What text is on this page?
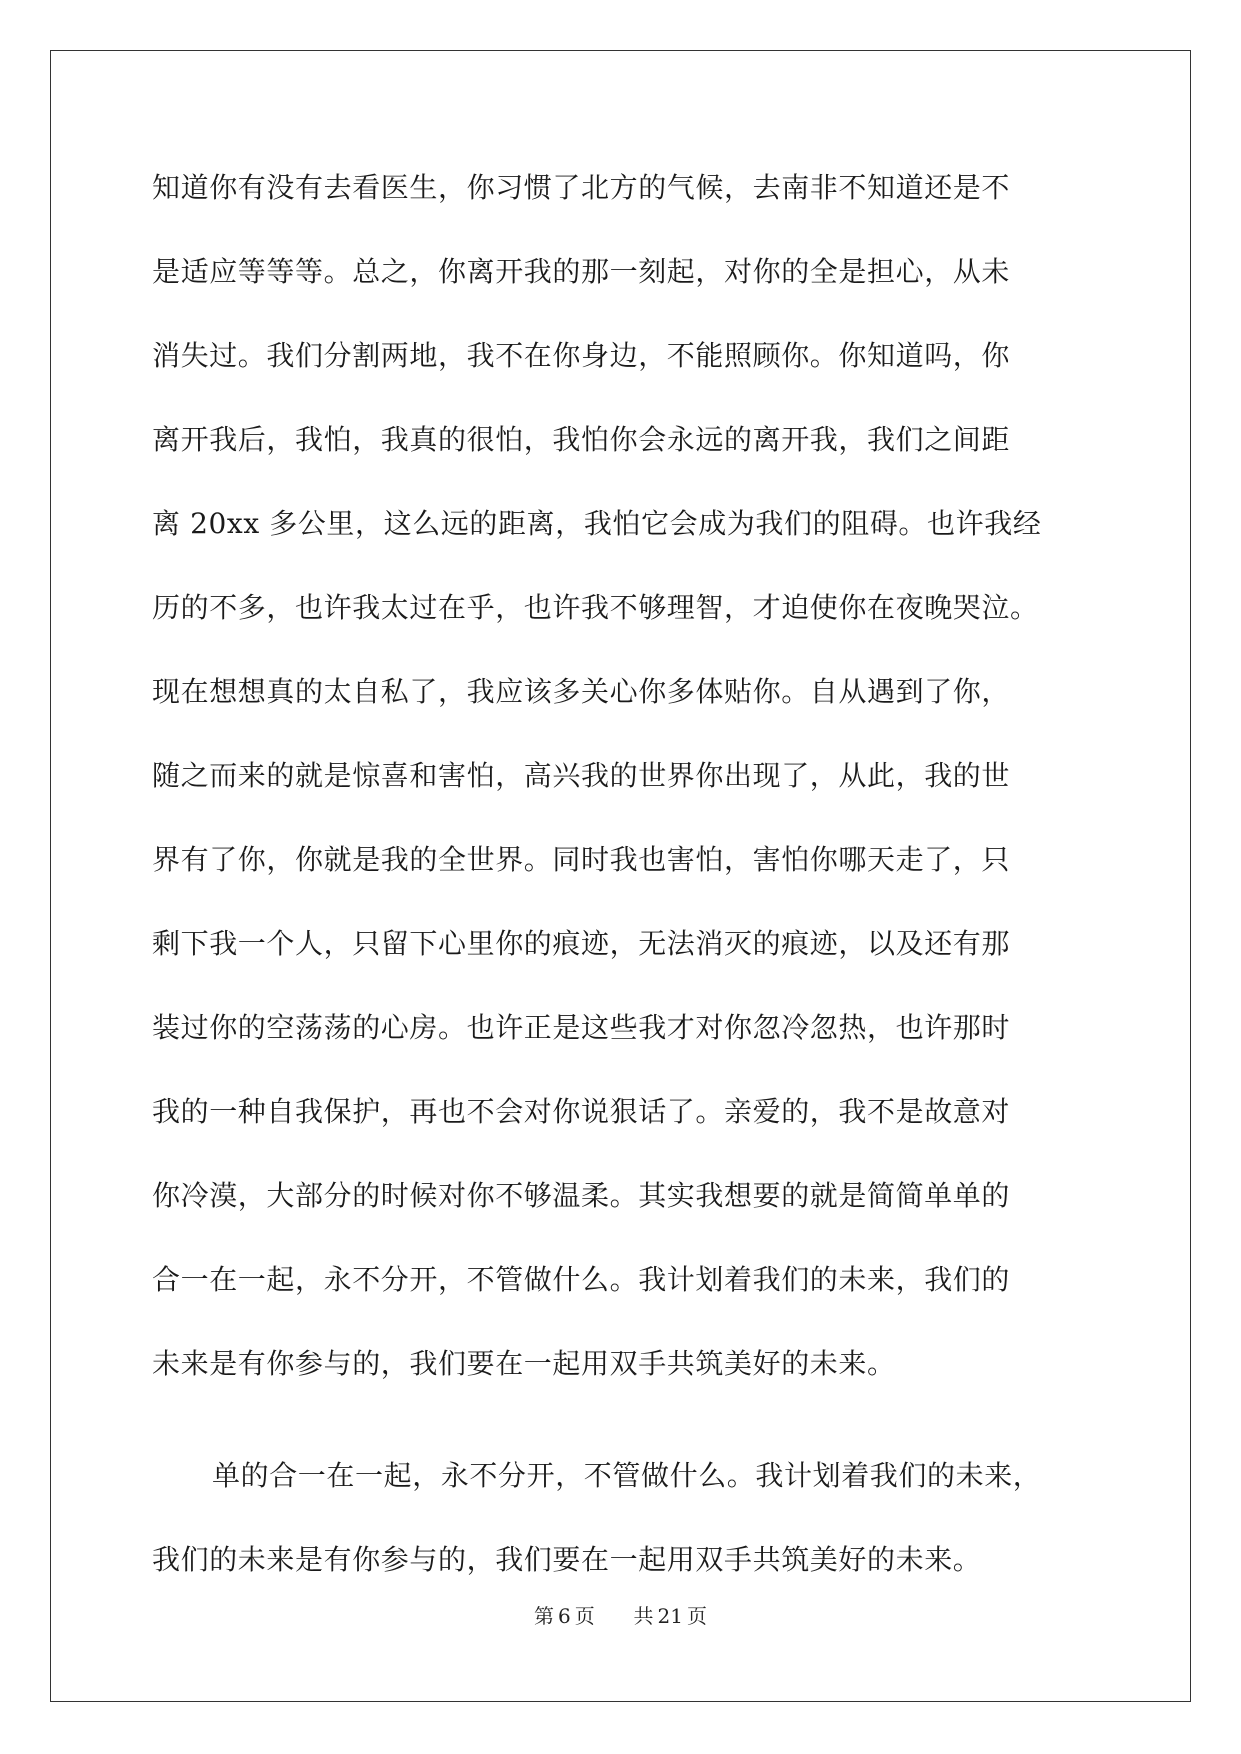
知道你有没有去看医生，你习惯了北方的气候，去南非不知道还是不

是适应等等等。总之，你离开我的那一刻起，对你的全是担心，从未

消失过。我们分割两地，我不在你身边，不能照顾你。你知道吗，你

离开我后，我怕，我真的很怕，我怕你会永远的离开我，我们之间距

离 20xx 多公里，这么远的距离，我怕它会成为我们的阻碍。也许我经

历的不多，也许我太过在乎，也许我不够理智，才迫使你在夜晚哭泣。

现在想想真的太自私了，我应该多关心你多体贴你。自从遇到了你，

随之而来的就是惊喜和害怕，高兴我的世界你出现了，从此，我的世

界有了你，你就是我的全世界。同时我也害怕，害怕你哪天走了，只

剩下我一个人，只留下心里你的痕迹，无法消灭的痕迹，以及还有那

装过你的空荡荡的心房。也许正是这些我才对你忽冷忽热，也许那时

我的一种自我保护，再也不会对你说狠话了。亲爱的，我不是故意对

你冷漠，大部分的时候对你不够温柔。其实我想要的就是简简单单的

合一在一起，永不分开，不管做什么。我计划着我们的未来，我们的

未来是有你参与的，我们要在一起用双手共筑美好的未来。

单的合一在一起，永不分开，不管做什么。我计划着我们的未来，

我们的未来是有你参与的，我们要在一起用双手共筑美好的未来。

第 6 页 共 21 页
